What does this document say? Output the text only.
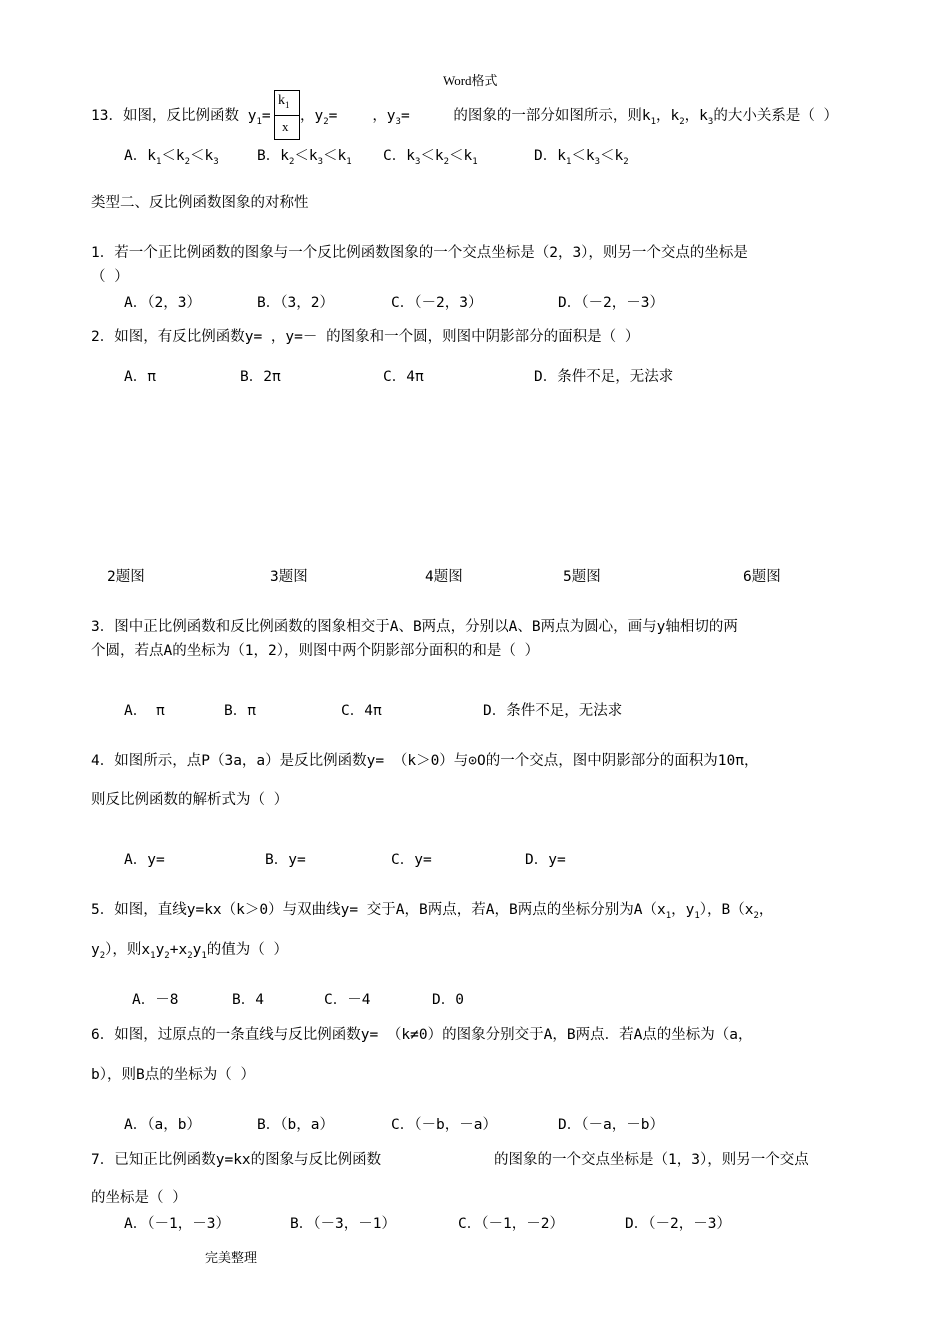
Word格式
13．如图，反比例函数 $y_1=$
$k_1$
x
，$y_2=$ ，$y_3=$	的图象的一部分如图所示，则$k_1$，$k_2$，$k_3$的大小关系是（ ）
A．$k_1<k_2<k_3$	B．$k_2<k_3<k_1$ C．$k_3<k_2<k_1$	D．$k_1<k_3<k_2$
类型二、反比例函数图象的对称性
1．若一个正比例函数的图象与一个反比例函数图象的一个交点坐标是（2，3），则另一个交点的坐标是
（ ）
A．（2，3）	B．（3，2）	C．（－2，3）	D．（－2，－3）
2．如图，有反比例函数y= ，y=－ 的图象和一个圆，则图中阴影部分的面积是（ ）
A．π	B．2π	C．4π	D．条件不足，无法求
2题图	3题图	4题图	5题图	6题图
3．图中正比例函数和反比例函数的图象相交于A、B两点，分别以A、B两点为圆心，画与y轴相切的两
个圆，若点A的坐标为（1，2），则图中两个阴影部分面积的和是（ ）
A． π	B．π	C．4π	D．条件不足，无法求
4．如图所示，点P（3a，a）是反比例函数y= （k＞0）与⊙O的一个交点，图中阴影部分的面积为10π，
则反比例函数的解析式为（ ）
A．y=	B．y=	C．y=	D．y=
5．如图，直线y=kx（k＞0）与双曲线y= 交于A，B两点，若A，B两点的坐标分别为$A(x_1$，$y_1$），$B(x_2$，
$y_2$），则$x_1y_2+x_2y_1$的值为（ ）
A．－8	B．4	C．－4	D．0
6．如图，过原点的一条直线与反比例函数y= （k≠0）的图象分别交于A，B两点．若A点的坐标为（a，
b），则B点的坐标为（ ）
A．（a，b）	B．（b，a）	C．（－b，－a）	D．（－a，－b）
7．已知正比例函数y=kx的图象与反比例函数	的图象的一个交点坐标是（1，3），则另一个交点
的坐标是（ ）
A．（－1，－3）	B．（－3，－1）	C．（－1，－2）	D．（－2，－3）
完美整理
